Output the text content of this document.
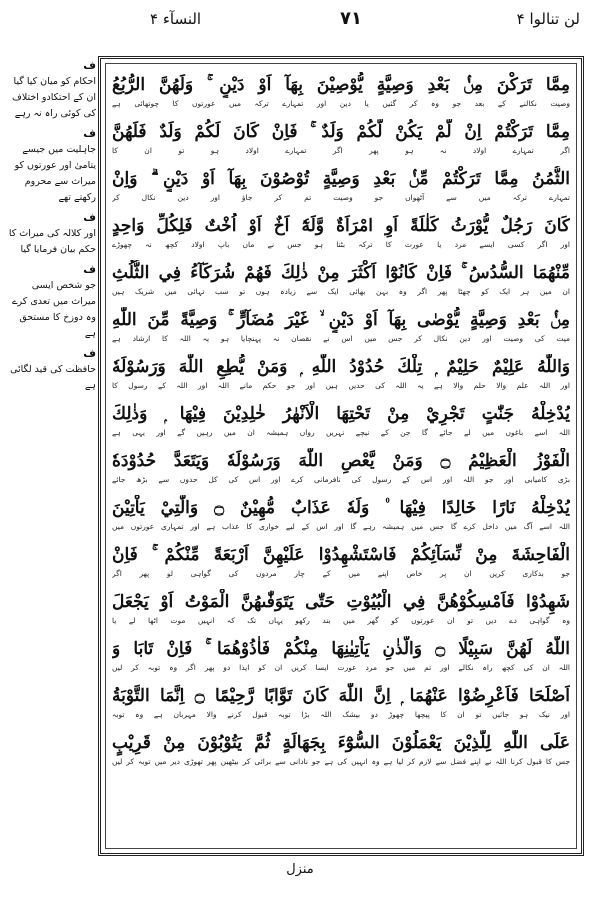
النسآء ۴	۷۱	لن تنالوا ۴
ف
احکام کو میان کیا گیا ان کے احتکادو اختلاف کی کوئی راہ نہ رہے
ف
جاہلیت میں جیسے یتامیٰ اور عورتوں کو میراث سے محروم رکھتے تھے
ف
اور کلالہ کی میراث کا حکم بیان فرمایا گیا
ف
جو شخص ایسی میراث میں تعدی کرے وہ دوزخ کا مستحق ہے
ف
حافظت کی قید لگائی ہے
مِمَّا تَرَكْنَ مِنْۢ بَعْدِ وَصِيَّةٍ يُّوْصِيْنَ بِهَآ اَوْ دَيْنٍ ۚ وَلَهُنَّ الرُّبُعُ
وصیت نکالنے کے بعد جو وہ کر گئیں یا دین اور تمہارے ترکہ میں عورتوں کا چوتھائی ہے
مِمَّا تَرَكْتُمْ اِنْ لَّمْ يَكُنْ لَّكُمْ وَلَدٌ ۚ فَاِنْ كَانَ لَكُمْ وَلَدٌ فَلَهُنَّ
اگر تمہارے اولاد نہ ہو پھر اگر تمہارے اولاد ہو تو ان کا
الثُّمُنُ مِمَّا تَرَكْتُمْ مِّنْۢ بَعْدِ وَصِيَّةٍ تُوْصُوْنَ بِهَآ اَوْ دَيْنٍ ۗ وَاِنْ
تمہارے ترکہ میں سے آٹھواں جو وصیت تم کر جاؤ اور دین نکال کر
كَانَ رَجُلٌ يُّوْرَثُ كَلٰلَةً اَوِ امْرَاَةٌ وَّلَهٗٓ اَخٌ اَوْ اُخْتٌ فَلِكُلِّ وَاحِدٍ
اور اگر کسی ایسے مرد یا عورت کا ترکہ بٹتا ہو جس نے ماں باپ اولاد کچھ نہ چھوڑے
مِّنْهُمَا السُّدُسُ ۚ فَاِنْ كَانُوْٓا اَكْثَرَ مِنْ ذٰلِكَ فَهُمْ شُرَكَآءُ فِي الثُّلُثِ
ان میں ہر ایک کو چھٹا پھر اگر وہ بہن بھائی ایک سے زیادہ ہوں تو سب تہائی میں شریک ہیں
مِنْۢ بَعْدِ وَصِيَّةٍ يُّوْصٰى بِهَآ اَوْ دَيْنٍ ۙ غَيْرَ مُضَآرٍّ ۚ وَصِيَّةً مِّنَ اللّٰهِ
میت کی وصیت اور دین نکال کر جس میں اس نے نقصان نہ پہنچایا ہو یہ اللہ کا ارشاد ہے
وَاللّٰهُ عَلِيْمٌ حَلِيْمٌ ۭ تِلْكَ حُدُوْدُ اللّٰهِ ۭ وَمَنْ يُّطِعِ اللّٰهَ وَرَسُوْلَهٗ
اور اللہ علم والا حلم والا ہے یہ اللہ کی حدیں ہیں اور جو حکم مانے اللہ اور اللہ کے رسول کا
يُدْخِلْهُ جَنّٰتٍ تَجْرِيْ مِنْ تَحْتِهَا الْاَنْهٰرُ خٰلِدِيْنَ فِيْهَا ۭ وَذٰلِكَ
اللہ اسے باغوں میں لے جائے گا جن کے نیچے نہریں رواں ہمیشہ ان میں رہیں گے اور یہی ہے
الْفَوْزُ الْعَظِيْمُ ۝ وَمَنْ يَّعْصِ اللّٰهَ وَرَسُوْلَهٗ وَيَتَعَدَّ حُدُوْدَهٗ
بڑی کامیابی اور جو اللہ اور اس کے رسول کی نافرمانی کرے اور اس کی کل حدوں سے بڑھ جائے
يُدْخِلْهُ نَارًا خَالِدًا فِيْهَا ۠ وَلَهٗ عَذَابٌ مُّهِيْنٌ ۝ وَالّٰتِيْ يَاْتِيْنَ
اللہ اسے آگ میں داخل کرے گا جس میں ہمیشہ رہے گا اور اس کے لیے خواری کا عذاب ہے اور تمہاری عورتوں میں
الْفَاحِشَةَ مِنْ نِّسَآئِكُمْ فَاسْتَشْهِدُوْا عَلَيْهِنَّ اَرْبَعَةً مِّنْكُمْ ۚ فَاِنْ
جو بدکاری کریں ان پر خاص اپنے میں کے چار مردوں کی گواہی لو پھر اگر
شَهِدُوْا فَاَمْسِكُوْهُنَّ فِي الْبُيُوْتِ حَتّٰى يَتَوَفّٰىهُنَّ الْمَوْتُ اَوْ يَجْعَلَ
وہ گواہی دے دیں تو ان عورتوں کو گھر میں بند رکھو یہاں تک کہ انہیں موت اٹھا لے یا
اللّٰهُ لَهُنَّ سَبِيْلًا ۝ وَالَّذٰنِ يَاْتِيٰنِهَا مِنْكُمْ فَاٰذُوْهُمَا ۚ فَاِنْ تَابَا وَ
اللہ ان کی کچھ راہ نکالے اور تم میں جو مرد عورت ایسا کریں ان کو ایذا دو پھر اگر وہ توبہ کر لیں
اَصْلَحَا فَاَعْرِضُوْا عَنْهُمَا ۭ اِنَّ اللّٰهَ كَانَ تَوَّابًا رَّحِيْمًا ۝ اِنَّمَا التَّوْبَةُ
اور نیک ہو جائیں تو ان کا پیچھا چھوڑ دو بیشک اللہ بڑا توبہ قبول کرنے والا مہربان ہے وہ توبہ
عَلَى اللّٰهِ لِلَّذِيْنَ يَعْمَلُوْنَ السُّوْٓءَ بِجَهَالَةٍ ثُمَّ يَتُوْبُوْنَ مِنْ قَرِيْبٍ
جس کا قبول کرنا اللہ نے اپنے فضل سے لازم کر لیا ہے وہ انہیں کی ہے جو نادانی سے برائی کر بیٹھیں پھر تھوڑی دیر میں توبہ کر لیں
منزل
